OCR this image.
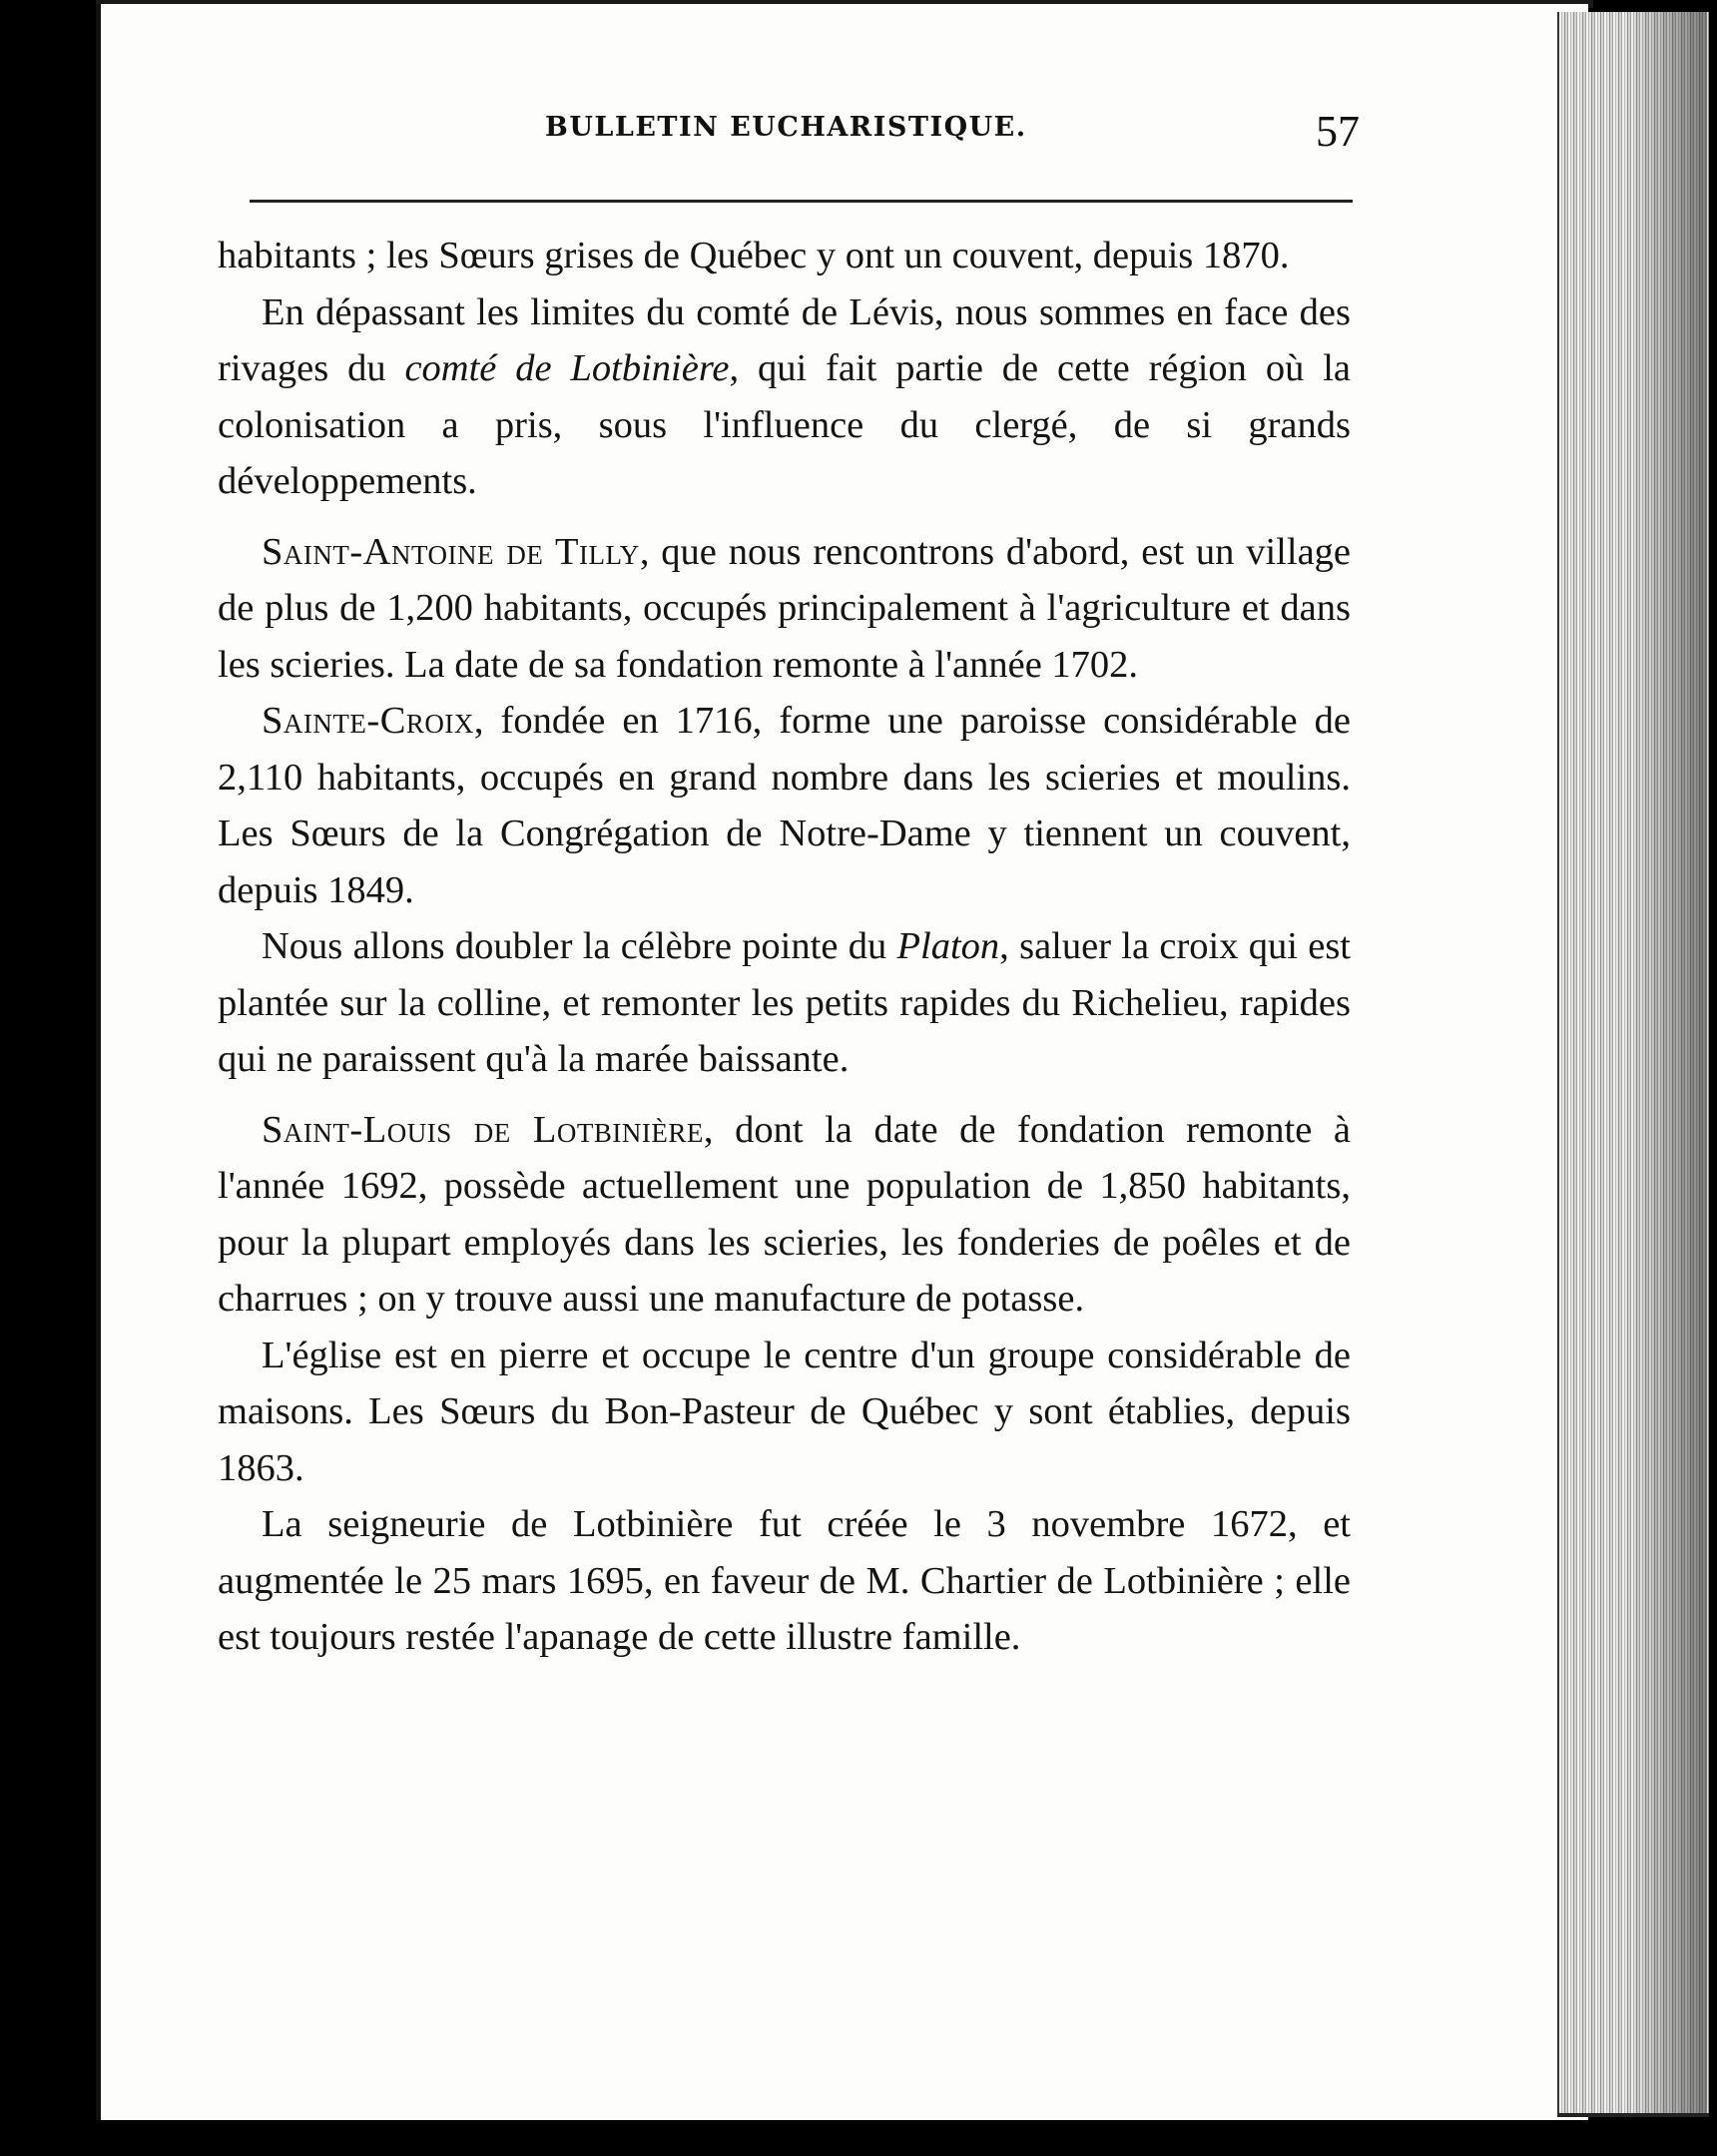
BULLETIN EUCHARISTIQUE.	57

habitants ; les Sœurs grises de Québec y ont un couvent, depuis 1870.

En dépassant les limites du comté de Lévis, nous sommes en face des rivages du comté de Lotbinière, qui fait partie de cette région où la colonisation a pris, sous l'influence du clergé, de si grands développements.

Saint-Antoine de Tilly, que nous rencontrons d'abord, est un village de plus de 1,200 habitants, occupés principalement à l'agriculture et dans les scieries. La date de sa fondation remonte à l'année 1702.

Sainte-Croix, fondée en 1716, forme une paroisse considérable de 2,110 habitants, occupés en grand nombre dans les scieries et moulins. Les Sœurs de la Congrégation de Notre-Dame y tiennent un couvent, depuis 1849.

Nous allons doubler la célèbre pointe du Platon, saluer la croix qui est plantée sur la colline, et remonter les petits rapides du Richelieu, rapides qui ne paraissent qu'à la marée baissante.

Saint-Louis de Lotbinière, dont la date de fondation remonte à l'année 1692, possède actuellement une population de 1,850 habitants, pour la plupart employés dans les scieries, les fonderies de poêles et de charrues ; on y trouve aussi une manufacture de potasse.

L'église est en pierre et occupe le centre d'un groupe considérable de maisons. Les Sœurs du Bon-Pasteur de Québec y sont établies, depuis 1863.

La seigneurie de Lotbinière fut créée le 3 novembre 1672, et augmentée le 25 mars 1695, en faveur de M. Chartier de Lotbinière ; elle est toujours restée l'apanage de cette illustre famille.
